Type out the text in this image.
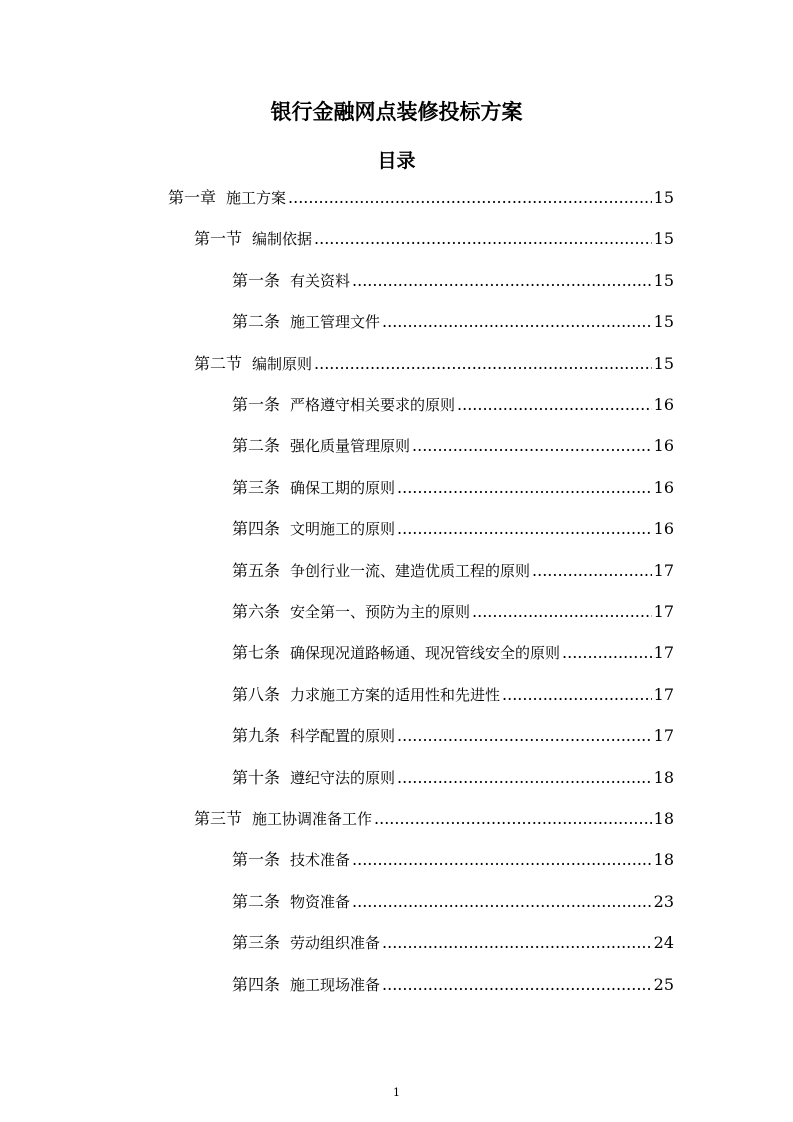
银行金融网点装修投标方案
目录
第一章 施工方案 .....	15
第一节 编制依据 .....	15
第一条 有关资料 .....	15
第二条 施工管理文件 .....	15
第二节 编制原则 .....	15
第一条 严格遵守相关要求的原则 .....	16
第二条 强化质量管理原则 .....	16
第三条 确保工期的原则 .....	16
第四条 文明施工的原则 .....	16
第五条 争创行业一流、建造优质工程的原则 .....	17
第六条 安全第一、预防为主的原则 .....	17
第七条 确保现况道路畅通、现况管线安全的原则 .....	17
第八条 力求施工方案的适用性和先进性 .....	17
第九条 科学配置的原则 .....	17
第十条 遵纪守法的原则 .....	18
第三节 施工协调准备工作 .....	18
第一条 技术准备 .....	18
第二条 物资准备 .....	23
第三条 劳动组织准备 .....	24
第四条 施工现场准备 .....	25
1
